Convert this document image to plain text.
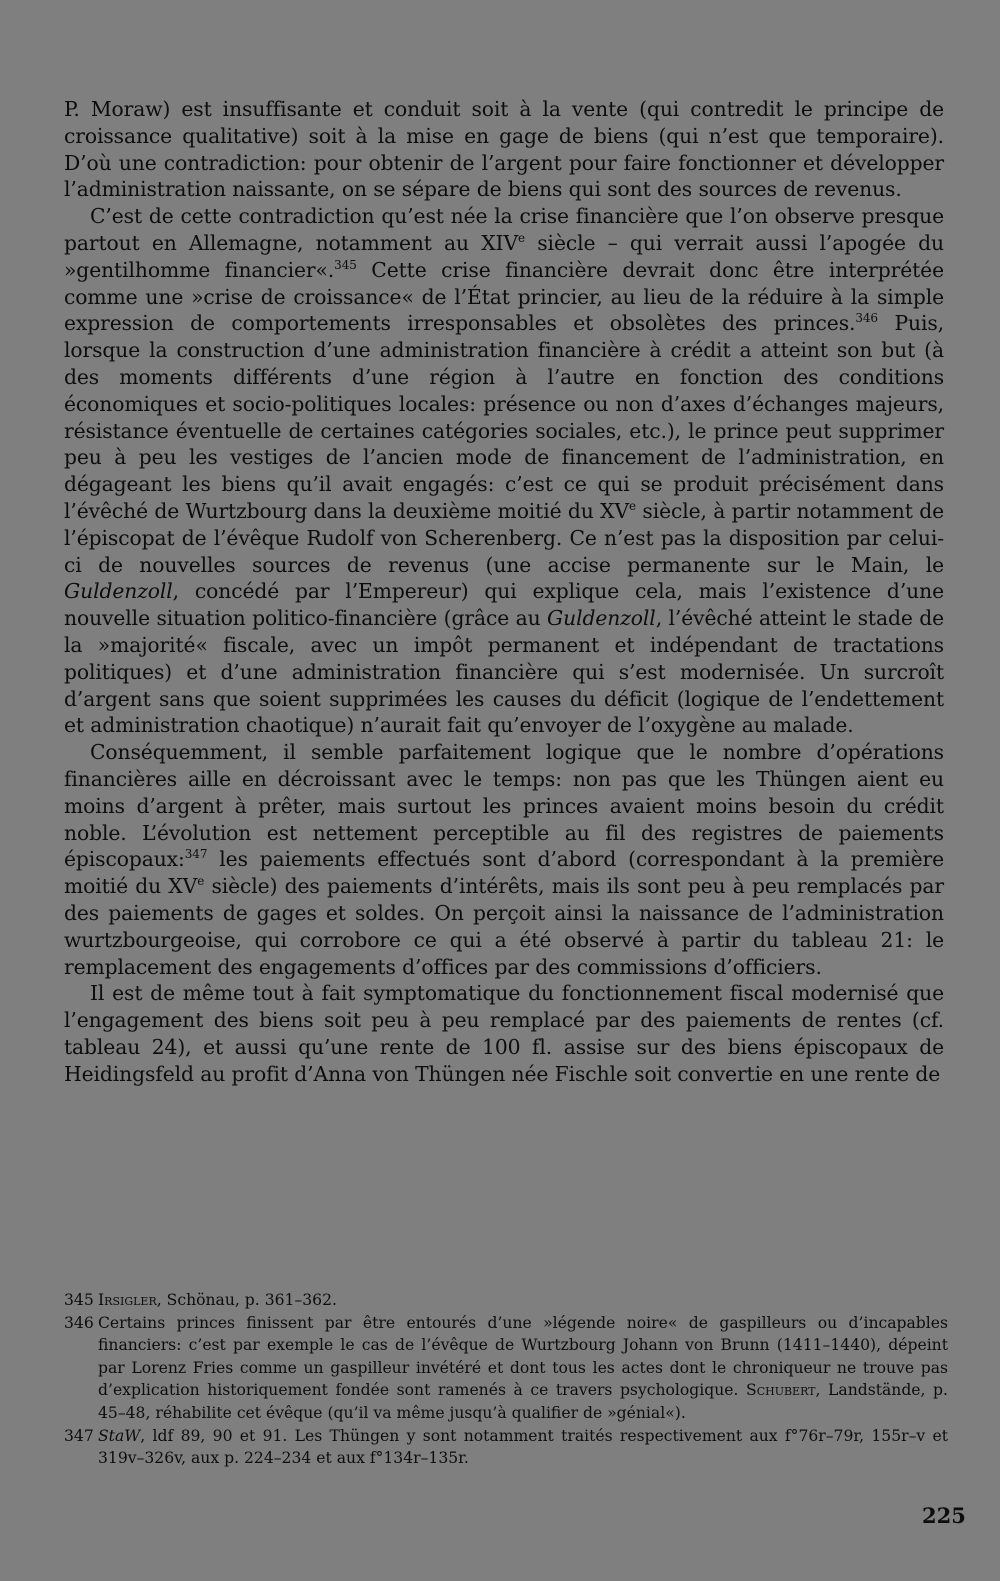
P. Moraw) est insuffisante et conduit soit à la vente (qui contredit le principe de croissance qualitative) soit à la mise en gage de biens (qui n’est que temporaire). D’où une contradiction: pour obtenir de l’argent pour faire fonctionner et développer l’administration naissante, on se sépare de biens qui sont des sources de revenus.

C’est de cette contradiction qu’est née la crise financière que l’on observe presque partout en Allemagne, notamment au XIVe siècle – qui verrait aussi l’apogée du »gentilhomme financier«.$^{345}$ Cette crise financière devrait donc être interprétée comme une »crise de croissance« de l’État princier, au lieu de la réduire à la simple expression de comportements irresponsables et obsolètes des princes.$^{346}$ Puis, lorsque la construction d’une administration financière à crédit a atteint son but (à des moments différents d’une région à l’autre en fonction des conditions économiques et socio-politiques locales: présence ou non d’axes d’échanges majeurs, résistance éventuelle de certaines catégories sociales, etc.), le prince peut supprimer peu à peu les vestiges de l’ancien mode de financement de l’administration, en dégageant les biens qu’il avait engagés: c’est ce qui se produit précisément dans l’évêché de Wurtzbourg dans la deuxième moitié du XVe siècle, à partir notamment de l’épiscopat de l’évêque Rudolf von Scherenberg. Ce n’est pas la disposition par celui-ci de nouvelles sources de revenus (une accise permanente sur le Main, le Guldenzoll, concédé par l’Empereur) qui explique cela, mais l’existence d’une nouvelle situation politico-financière (grâce au Guldenzoll, l’évêché atteint le stade de la »majorité« fiscale, avec un impôt permanent et indépendant de tractations politiques) et d’une administration financière qui s’est modernisée. Un surcroît d’argent sans que soient supprimées les causes du déficit (logique de l’endettement et administration chaotique) n’aurait fait qu’envoyer de l’oxygène au malade.

Conséquemment, il semble parfaitement logique que le nombre d’opérations financières aille en décroissant avec le temps: non pas que les Thüngen aient eu moins d’argent à prêter, mais surtout les princes avaient moins besoin du crédit noble. L’évolution est nettement perceptible au fil des registres de paiements épiscopaux:$^{347}$ les paiements effectués sont d’abord (correspondant à la première moitié du XVe siècle) des paiements d’intérêts, mais ils sont peu à peu remplacés par des paiements de gages et soldes. On perçoit ainsi la naissance de l’administration wurtzbourgeoise, qui corrobore ce qui a été observé à partir du tableau 21: le remplacement des engagements d’offices par des commissions d’officiers.

Il est de même tout à fait symptomatique du fonctionnement fiscal modernisé que l’engagement des biens soit peu à peu remplacé par des paiements de rentes (cf. tableau 24), et aussi qu’une rente de 100 fl. assise sur des biens épiscopaux de Heidingsfeld au profit d’Anna von Thüngen née Fischle soit convertie en une rente de

345 Irsigler, Schönau, p. 361–362.
346 Certains princes finissent par être entourés d’une »légende noire« de gaspilleurs ou d’incapables financiers: c’est par exemple le cas de l’évêque de Wurtzbourg Johann von Brunn (1411–1440), dépeint par Lorenz Fries comme un gaspilleur invétéré et dont tous les actes dont le chroniqueur ne trouve pas d’explication historiquement fondée sont ramenés à ce travers psychologique. Schubert, Landstände, p. 45–48, réhabilite cet évêque (qu’il va même jusqu’à qualifier de »génial«).
347 StaW, ldf 89, 90 et 91. Les Thüngen y sont notamment traités respectivement aux f°76r–79r, 155r–v et 319v–326v, aux p. 224–234 et aux f°134r–135r.
225
